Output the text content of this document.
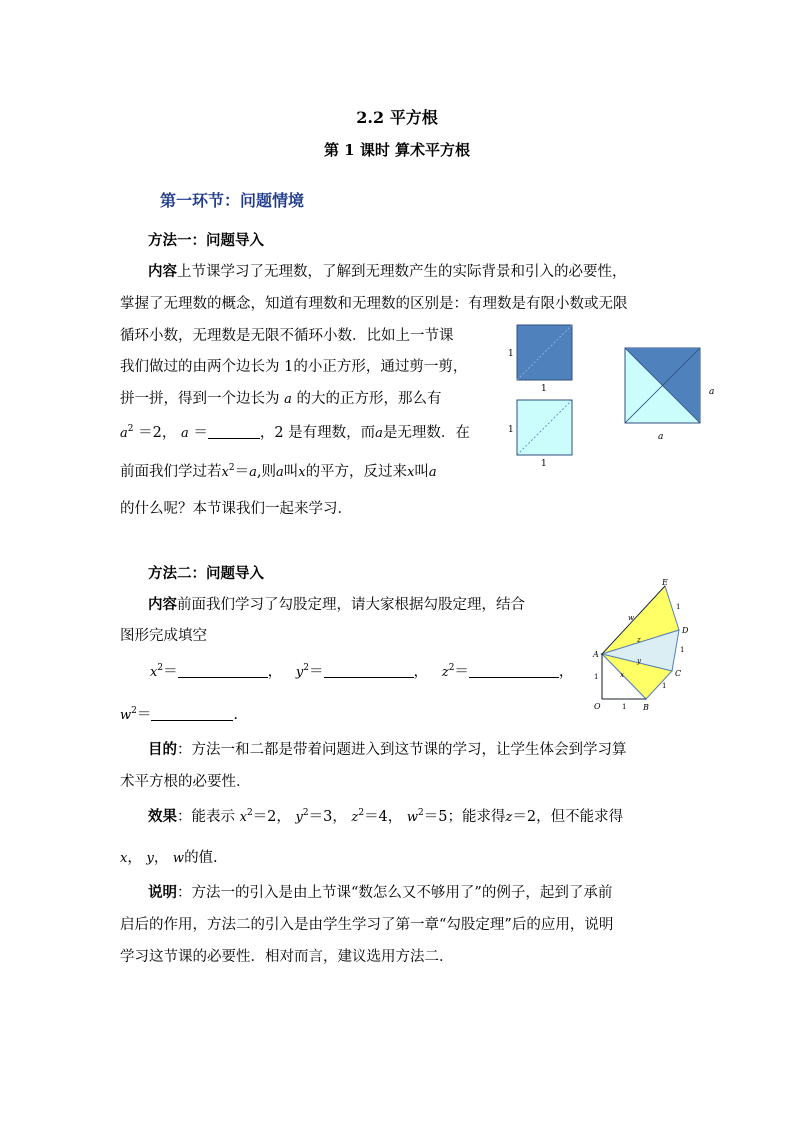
2.2 平方根
第 1 课时 算术平方根
第一环节：问题情境
方法一：问题导入
内容上节课学习了无理数，了解到无理数产生的实际背景和引入的必要性，
掌握了无理数的概念，知道有理数和无理数的区别是：有理数是有限小数或无限
循环小数，无理数是无限不循环小数．比如上一节课
我们做过的由两个边长为 1的小正方形，通过剪一剪，
拼一拼，得到一个边长为 a 的大的正方形，那么有
$a^2 =2$， a ＝	，2 是有理数，而a是无理数．在
前面我们学过若$x^2=a$,则a叫x的平方，反过来x叫a
的什么呢？本节课我们一起来学习．
1
1
1
1
a
a
方法二：问题导入
内容前面我们学习了勾股定理，请大家根据勾股定理，结合
图形完成填空
$x^2=$	， $y^2=$	， $z^2=$	，
$w^2=$	.
E
D
C
B
A
O
1
1
1
1
1
w
z
y
x
目的：方法一和二都是带着问题进入到这节课的学习，让学生体会到学习算
术平方根的必要性．
效果：能表示 $x^2=2$， $y^2=3$， $z^2=4$， $w^2=5$；能求得z＝2，但不能求得
x， y， w的值.
说明：方法一的引入是由上节课“数怎么又不够用了”的例子，起到了承前
启后的作用，方法二的引入是由学生学习了第一章“勾股定理”后的应用，说明
学习这节课的必要性．相对而言，建议选用方法二．
